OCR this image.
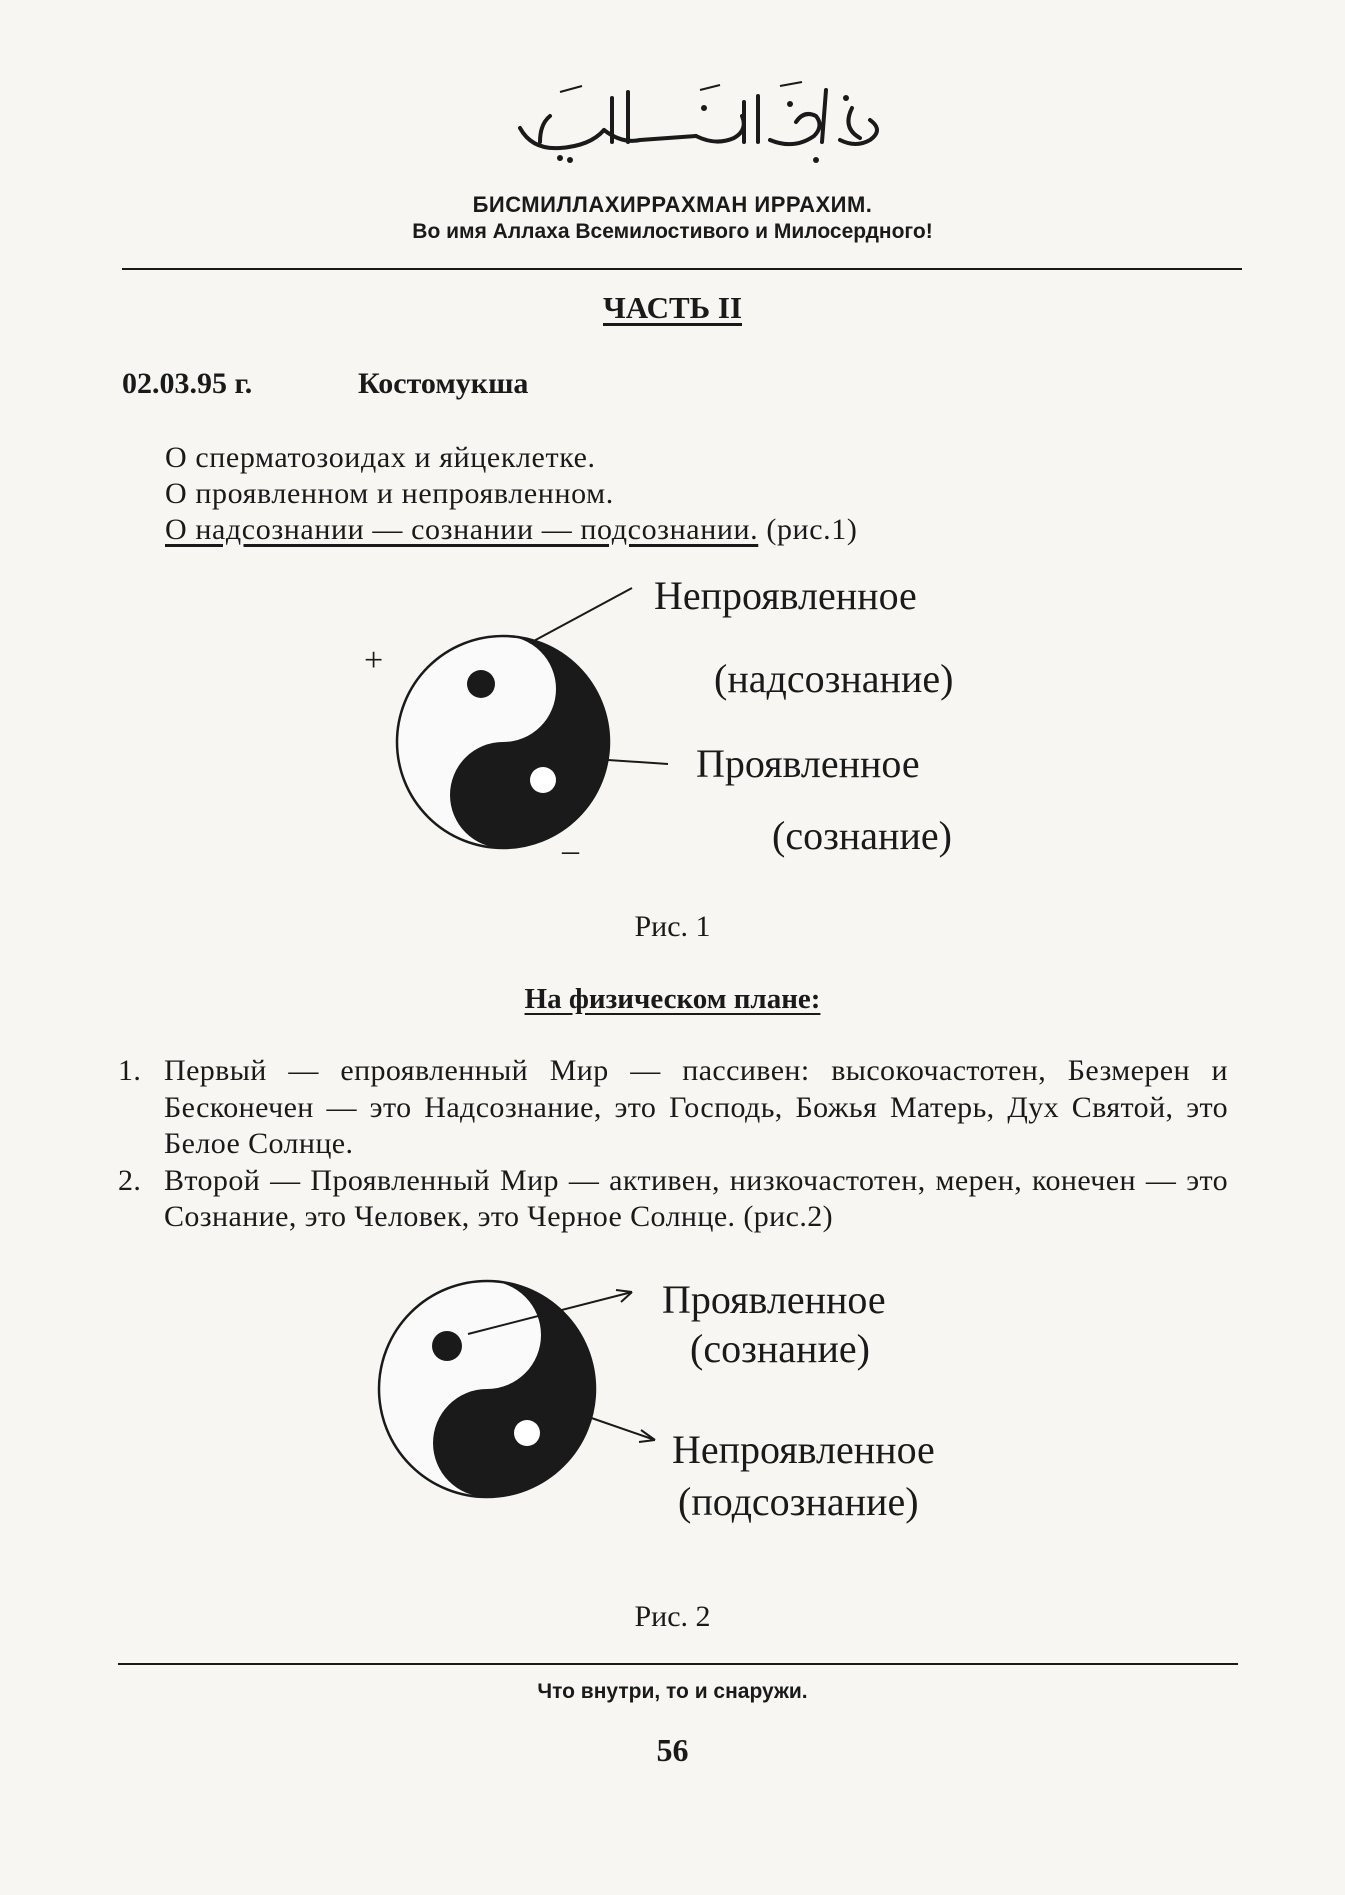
БИСМИЛЛАХИРРАХМАН ИРРАХИМ.
Во имя Аллаха Всемилостивого и Милосердного!
ЧАСТЬ II
02.03.95 г.	Костомукша
О сперматозоидах и яйцеклетке.
О проявленном и непроявленном.
О надсознании — сознании — подсознании. (рис.1)
+
–
Непроявленное
(надсознание)
Проявленное
(сознание)
Рис. 1
На физическом плане:
1. Первый — епроявленный Мир — пассивен: высокочастотен, Безмерен и Бесконечен — это Надсознание, это Господь, Божья Матерь, Дух Святой, это Белое Солнце.
2. Второй — Проявленный Мир — активен, низкочастотен, мерен, конечен — это Сознание, это Человек, это Черное Солнце. (рис.2)
Проявленное
(сознание)
Непроявленное
(подсознание)
Рис. 2
Что внутри, то и снаружи.
56
